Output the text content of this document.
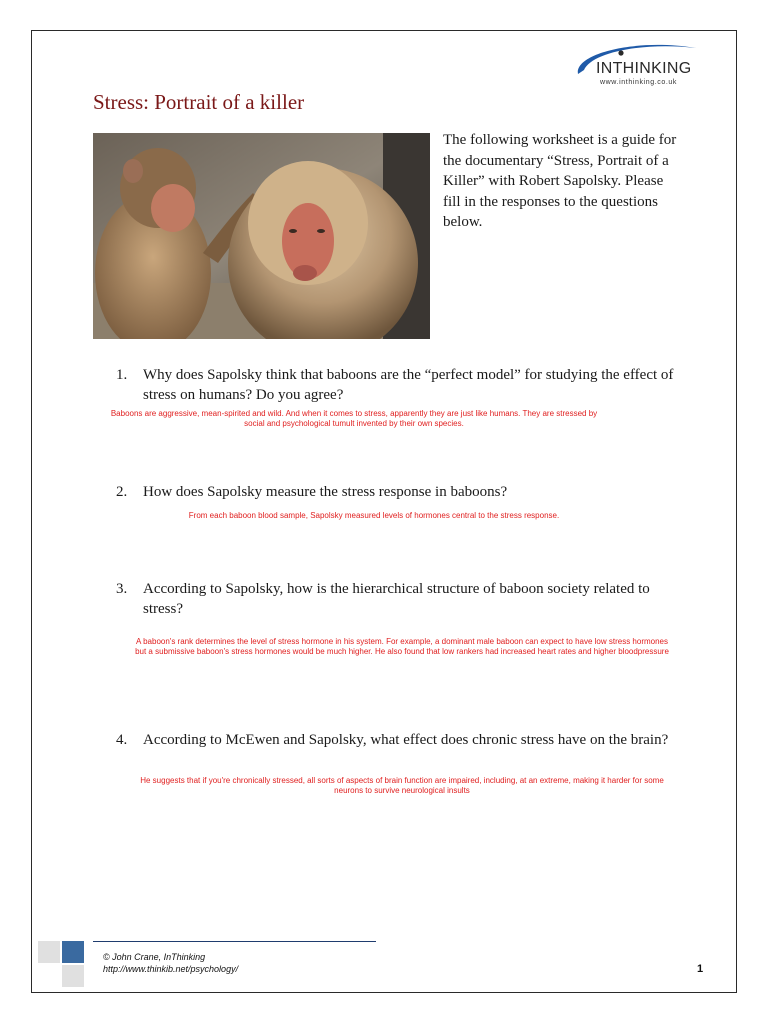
INTHINKING
www.inthinking.co.uk
Stress: Portrait of a killer
The following worksheet is a guide for the documentary “Stress, Portrait of a Killer” with Robert Sapolsky. Please fill in the responses to the questions below.
1. Why does Sapolsky think that baboons are the “perfect model” for studying the effect of stress on humans? Do you agree?
Baboons are aggressive, mean-spirited and wild. And when it comes to stress, apparently they are just like humans. They are stressed by social and psychological tumult invented by their own species.
2. How does Sapolsky measure the stress response in baboons?
From each baboon blood sample, Sapolsky measured levels of hormones central to the stress response.
3. According to Sapolsky, how is the hierarchical structure of baboon society related to stress?
A baboon's rank determines the level of stress hormone in his system. For example, a dominant male baboon can expect to have low stress hormones but a submissive baboon's stress hormones would be much higher. He also found that low rankers had increased heart rates and higher bloodpressure
4. According to McEwen and Sapolsky, what effect does chronic stress have on the brain?
He suggests that if you're chronically stressed, all sorts of aspects of brain function are impaired, including, at an extreme, making it harder for some neurons to survive neurological insults
© John Crane, InThinking
http://www.thinkib.net/psychology/	1
